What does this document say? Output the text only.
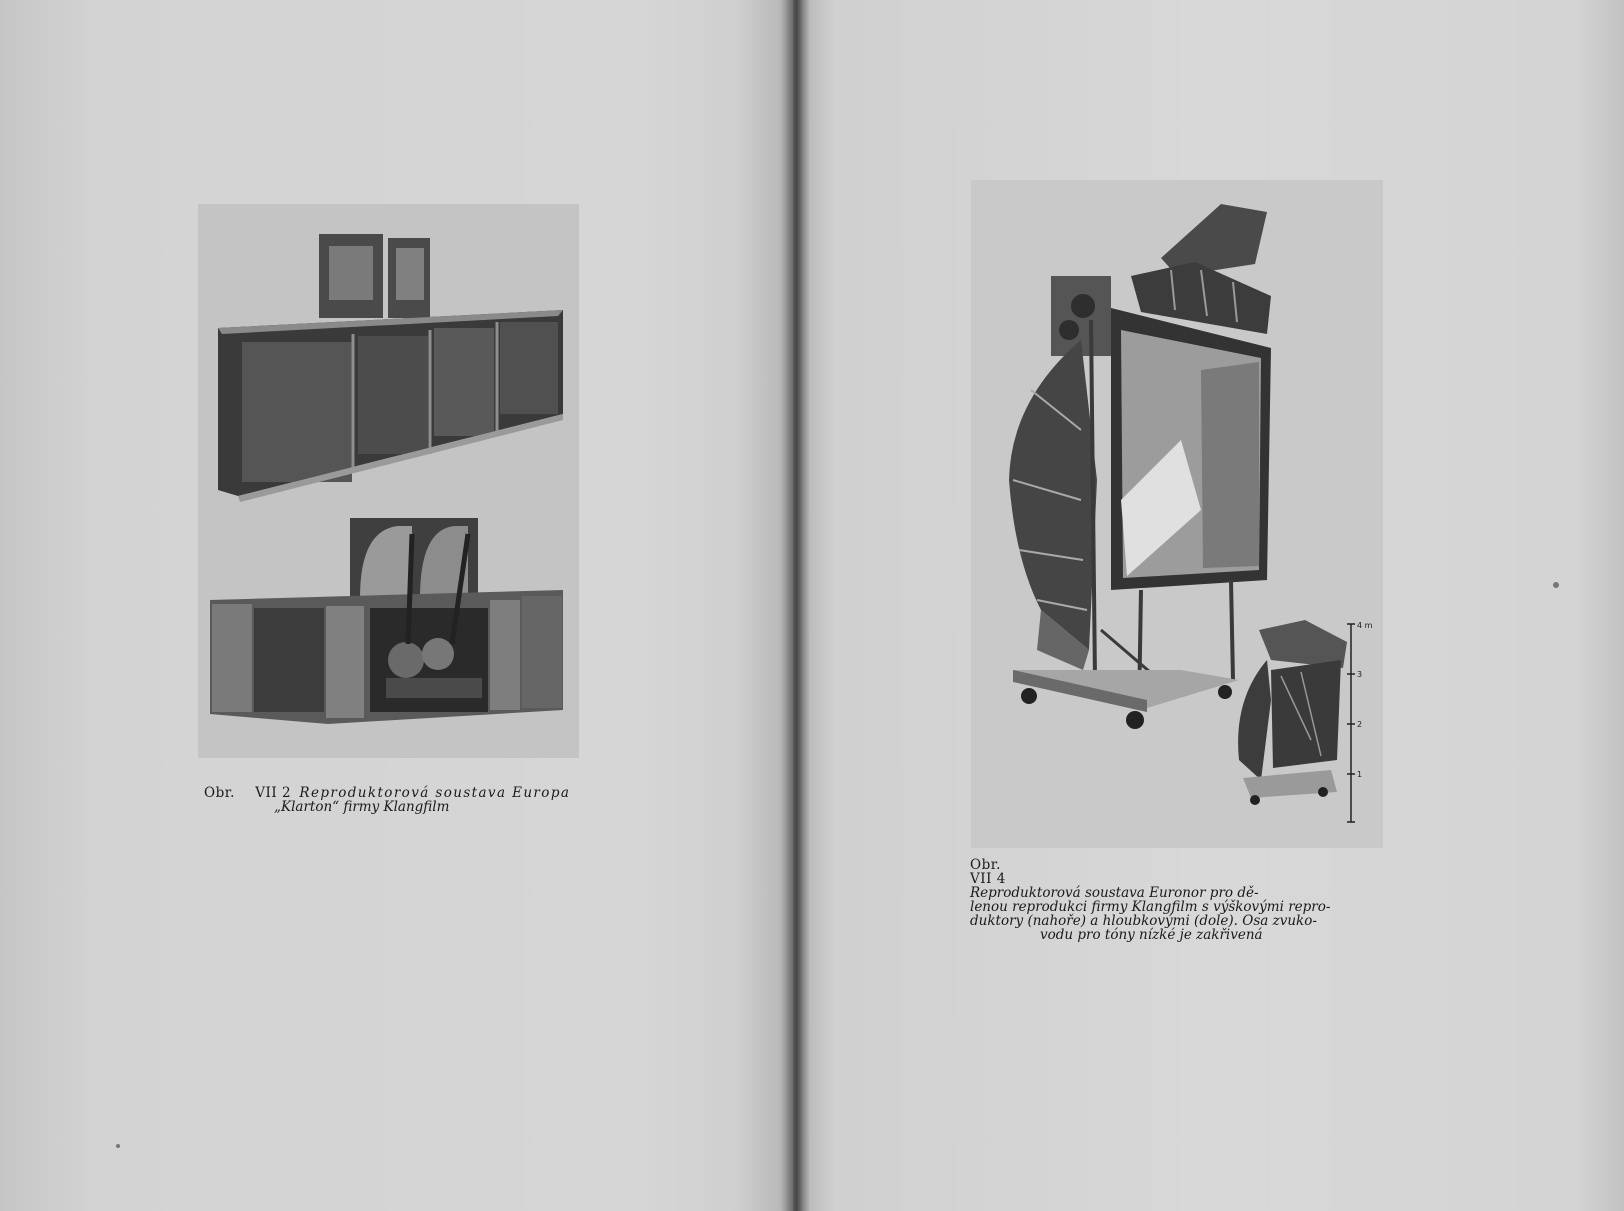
Obr. VII 2 Reproduktorová soustava Europa
„Klarton“ firmy Klangfilm
4 m
3
2
1
Obr.
VII 4
Reproduktorová soustava Euronor pro dě-
lenou reprodukci firmy Klangfilm s výškovými repro-
duktory (nahoře) a hloubkovými (dole). Osa zvuko-
vodu pro tóny nízké je zakřivená
